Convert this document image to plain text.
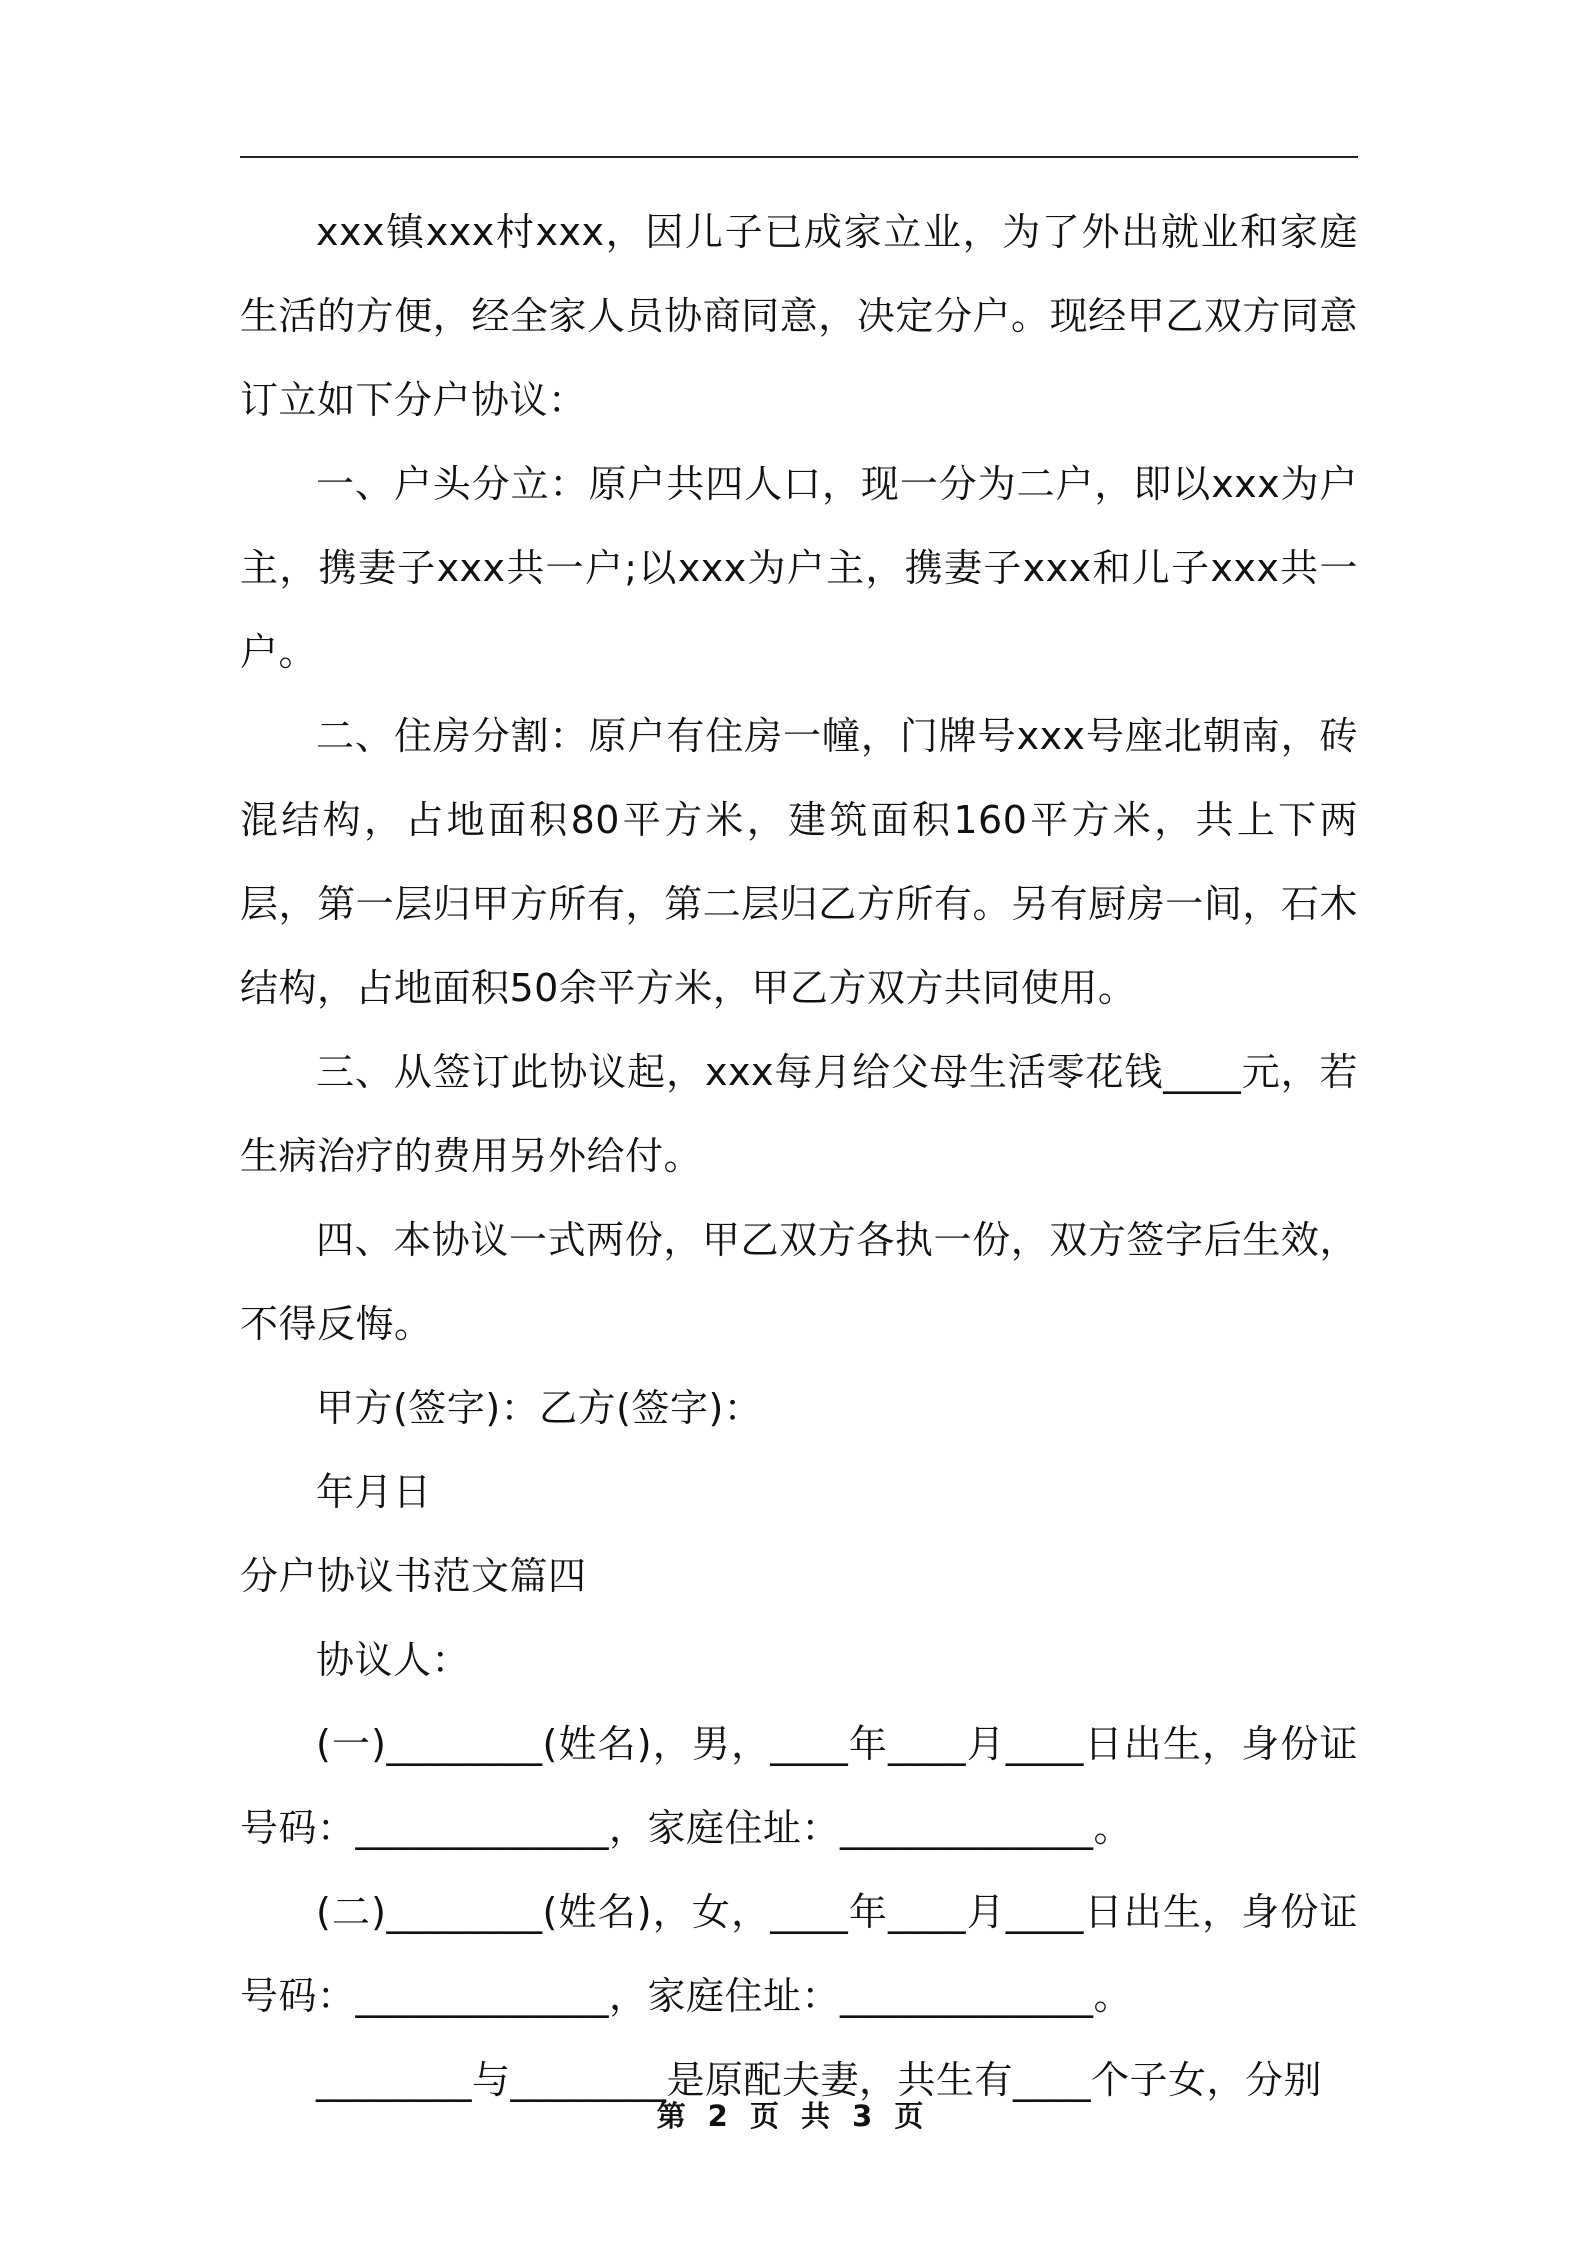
xxx镇xxx村xxx，因儿子已成家立业，为了外出就业和家庭生活的方便，经全家人员协商同意，决定分户。现经甲乙双方同意订立如下分户协议：

一、户头分立：原户共四人口，现一分为二户，即以xxx为户主，携妻子xxx共一户;以xxx为户主，携妻子xxx和儿子xxx共一户。

二、住房分割：原户有住房一幢，门牌号xxx号座北朝南，砖混结构，占地面积80平方米，建筑面积160平方米，共上下两层，第一层归甲方所有，第二层归乙方所有。另有厨房一间，石木结构，占地面积50余平方米，甲乙方双方共同使用。

三、从签订此协议起，xxx每月给父母生活零花钱____元，若生病治疗的费用另外给付。

四、本协议一式两份，甲乙双方各执一份，双方签字后生效，不得反悔。

甲方(签字)：乙方(签字)：

年月日

分户协议书范文篇四

协议人：

(一)________(姓名)，男，____年____月____日出生，身份证号码：_____________，家庭住址：_____________。

(二)________(姓名)，女，____年____月____日出生，身份证号码：_____________，家庭住址：_____________。

________与________是原配夫妻，共生有____个子女，分别

第 2 页 共 3 页
